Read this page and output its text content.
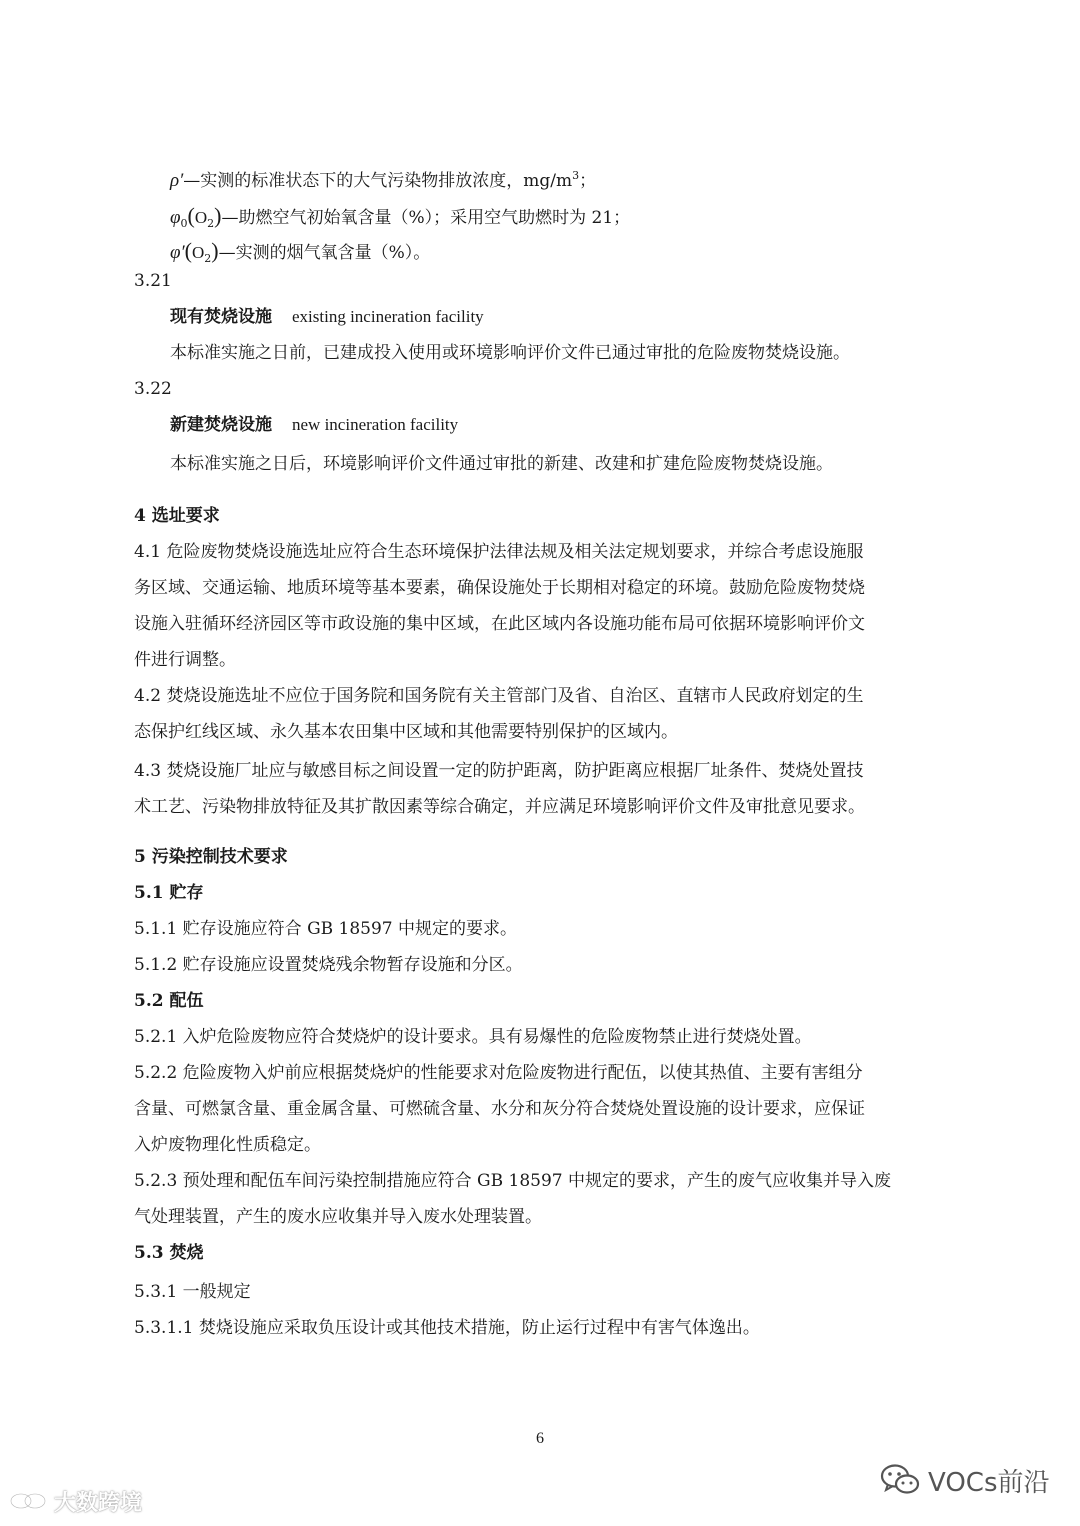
ρ′—实测的标准状态下的大气污染物排放浓度，$mg/m^3$；
$\varphi_0(O_2)—$助燃空气初始氧含量（%）；采用空气助燃时为 21；
$\varphi'(O_2)—$实测的烟气氧含量（%）。
3.21
现有焚烧设施 existing incineration facility
本标准实施之日前，已建成投入使用或环境影响评价文件已通过审批的危险废物焚烧设施。
3.22
新建焚烧设施 new incineration facility
本标准实施之日后，环境影响评价文件通过审批的新建、改建和扩建危险废物焚烧设施。
4 选址要求
4.1 危险废物焚烧设施选址应符合生态环境保护法律法规及相关法定规划要求，并综合考虑设施服
务区域、交通运输、地质环境等基本要素，确保设施处于长期相对稳定的环境。鼓励危险废物焚烧
设施入驻循环经济园区等市政设施的集中区域，在此区域内各设施功能布局可依据环境影响评价文
件进行调整。
4.2 焚烧设施选址不应位于国务院和国务院有关主管部门及省、自治区、直辖市人民政府划定的生
态保护红线区域、永久基本农田集中区域和其他需要特别保护的区域内。
4.3 焚烧设施厂址应与敏感目标之间设置一定的防护距离，防护距离应根据厂址条件、焚烧处置技
术工艺、污染物排放特征及其扩散因素等综合确定，并应满足环境影响评价文件及审批意见要求。
5 污染控制技术要求
5.1 贮存
5.1.1 贮存设施应符合 GB 18597 中规定的要求。
5.1.2 贮存设施应设置焚烧残余物暂存设施和分区。
5.2 配伍
5.2.1 入炉危险废物应符合焚烧炉的设计要求。具有易爆性的危险废物禁止进行焚烧处置。
5.2.2 危险废物入炉前应根据焚烧炉的性能要求对危险废物进行配伍，以使其热值、主要有害组分
含量、可燃氯含量、重金属含量、可燃硫含量、水分和灰分符合焚烧处置设施的设计要求，应保证
入炉废物理化性质稳定。
5.2.3 预处理和配伍车间污染控制措施应符合 GB 18597 中规定的要求，产生的废气应收集并导入废
气处理装置，产生的废水应收集并导入废水处理装置。
5.3 焚烧
5.3.1 一般规定
5.3.1.1 焚烧设施应采取负压设计或其他技术措施，防止运行过程中有害气体逸出。
6
大数跨境
VOCs前沿
